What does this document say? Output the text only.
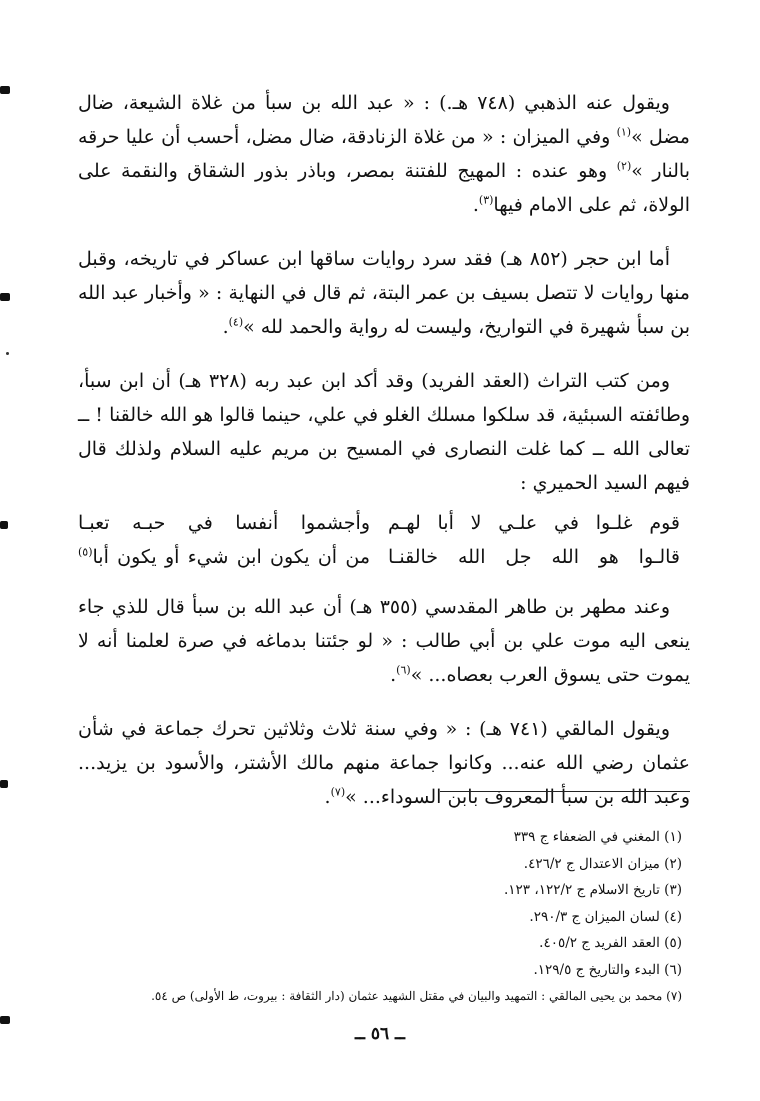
ويقول عنه الذهبي (٧٤٨ هـ.) : « عبد الله بن سبأ من غلاة الشيعة، ضال مضل »$^{(١)}$ وفي الميزان : « من غلاة الزنادقة، ضال مضل، أحسب أن عليا حرقه بالنار »$^{(٢)}$ وهو عنده : المهيج للفتنة بمصر، وباذر بذور الشقاق والنقمة على الولاة، ثم على الامام فيها$^{(٣)}$.

أما ابن حجر (٨٥٢ هـ) فقد سرد روايات ساقها ابن عساكر في تاريخه، وقبل منها روايات لا تتصل بسيف بن عمر البتة، ثم قال في النهاية : « وأخبار عبد الله بن سبأ شهيرة في التواريخ، وليست له رواية والحمد لله »$^{(٤)}$.

ومن كتب التراث (العقد الفريد) وقد أكد ابن عبد ربه (٣٢٨ هـ) أن ابن سبأ، وطائفته السبئية، قد سلكوا مسلك الغلو في علي، حينما قالوا هو الله خالقنا ! ــ تعالى الله ــ كما غلت النصارى في المسيح بن مريم عليه السلام ولذلك قال فيهم السيد الحميري :

قوم غلـوا في علـي لا أبا لهـم
وأجشموا أنفسا في حبـه تعبـا
قالـوا هو الله جل الله خالقنـا
من أن يكون ابن شيء أو يكون أبا$^{(٥)}$

وعند مطهر بن طاهر المقدسي (٣٥٥ هـ) أن عبد الله بن سبأ قال للذي جاء ينعى اليه موت علي بن أبي طالب : « لو جئتنا بدماغه في صرة لعلمنا أنه لا يموت حتى يسوق العرب بعصاه... »$^{(٦)}$.

ويقول المالقي (٧٤١ هـ) : « وفي سنة ثلاث وثلاثين تحرك جماعة في شأن عثمان رضي الله عنه... وكانوا جماعة منهم مالك الأشتر، والأسود بن يزيد... وعبد الله بن سبأ المعروف بابن السوداء... »$^{(٧)}$.

(١) المغني في الضعفاء ج ٣٣٩
(٢) ميزان الاعتدال ج ٤٢٦/٢.
(٣) تاريخ الاسلام ج ١٢٢/٢، ١٢٣.
(٤) لسان الميزان ج ٢٩٠/٣.
(٥) العقد الفريد ج ٤٠٥/٢.
(٦) البدء والتاريخ ج ١٢٩/٥.
(٧) محمد بن يحيى المالقي : التمهيد والبيان في مقتل الشهيد عثمان (دار الثقافة : بيروت، ط الأولى) ص ٥٤.
ــ ٥٦ ــ
